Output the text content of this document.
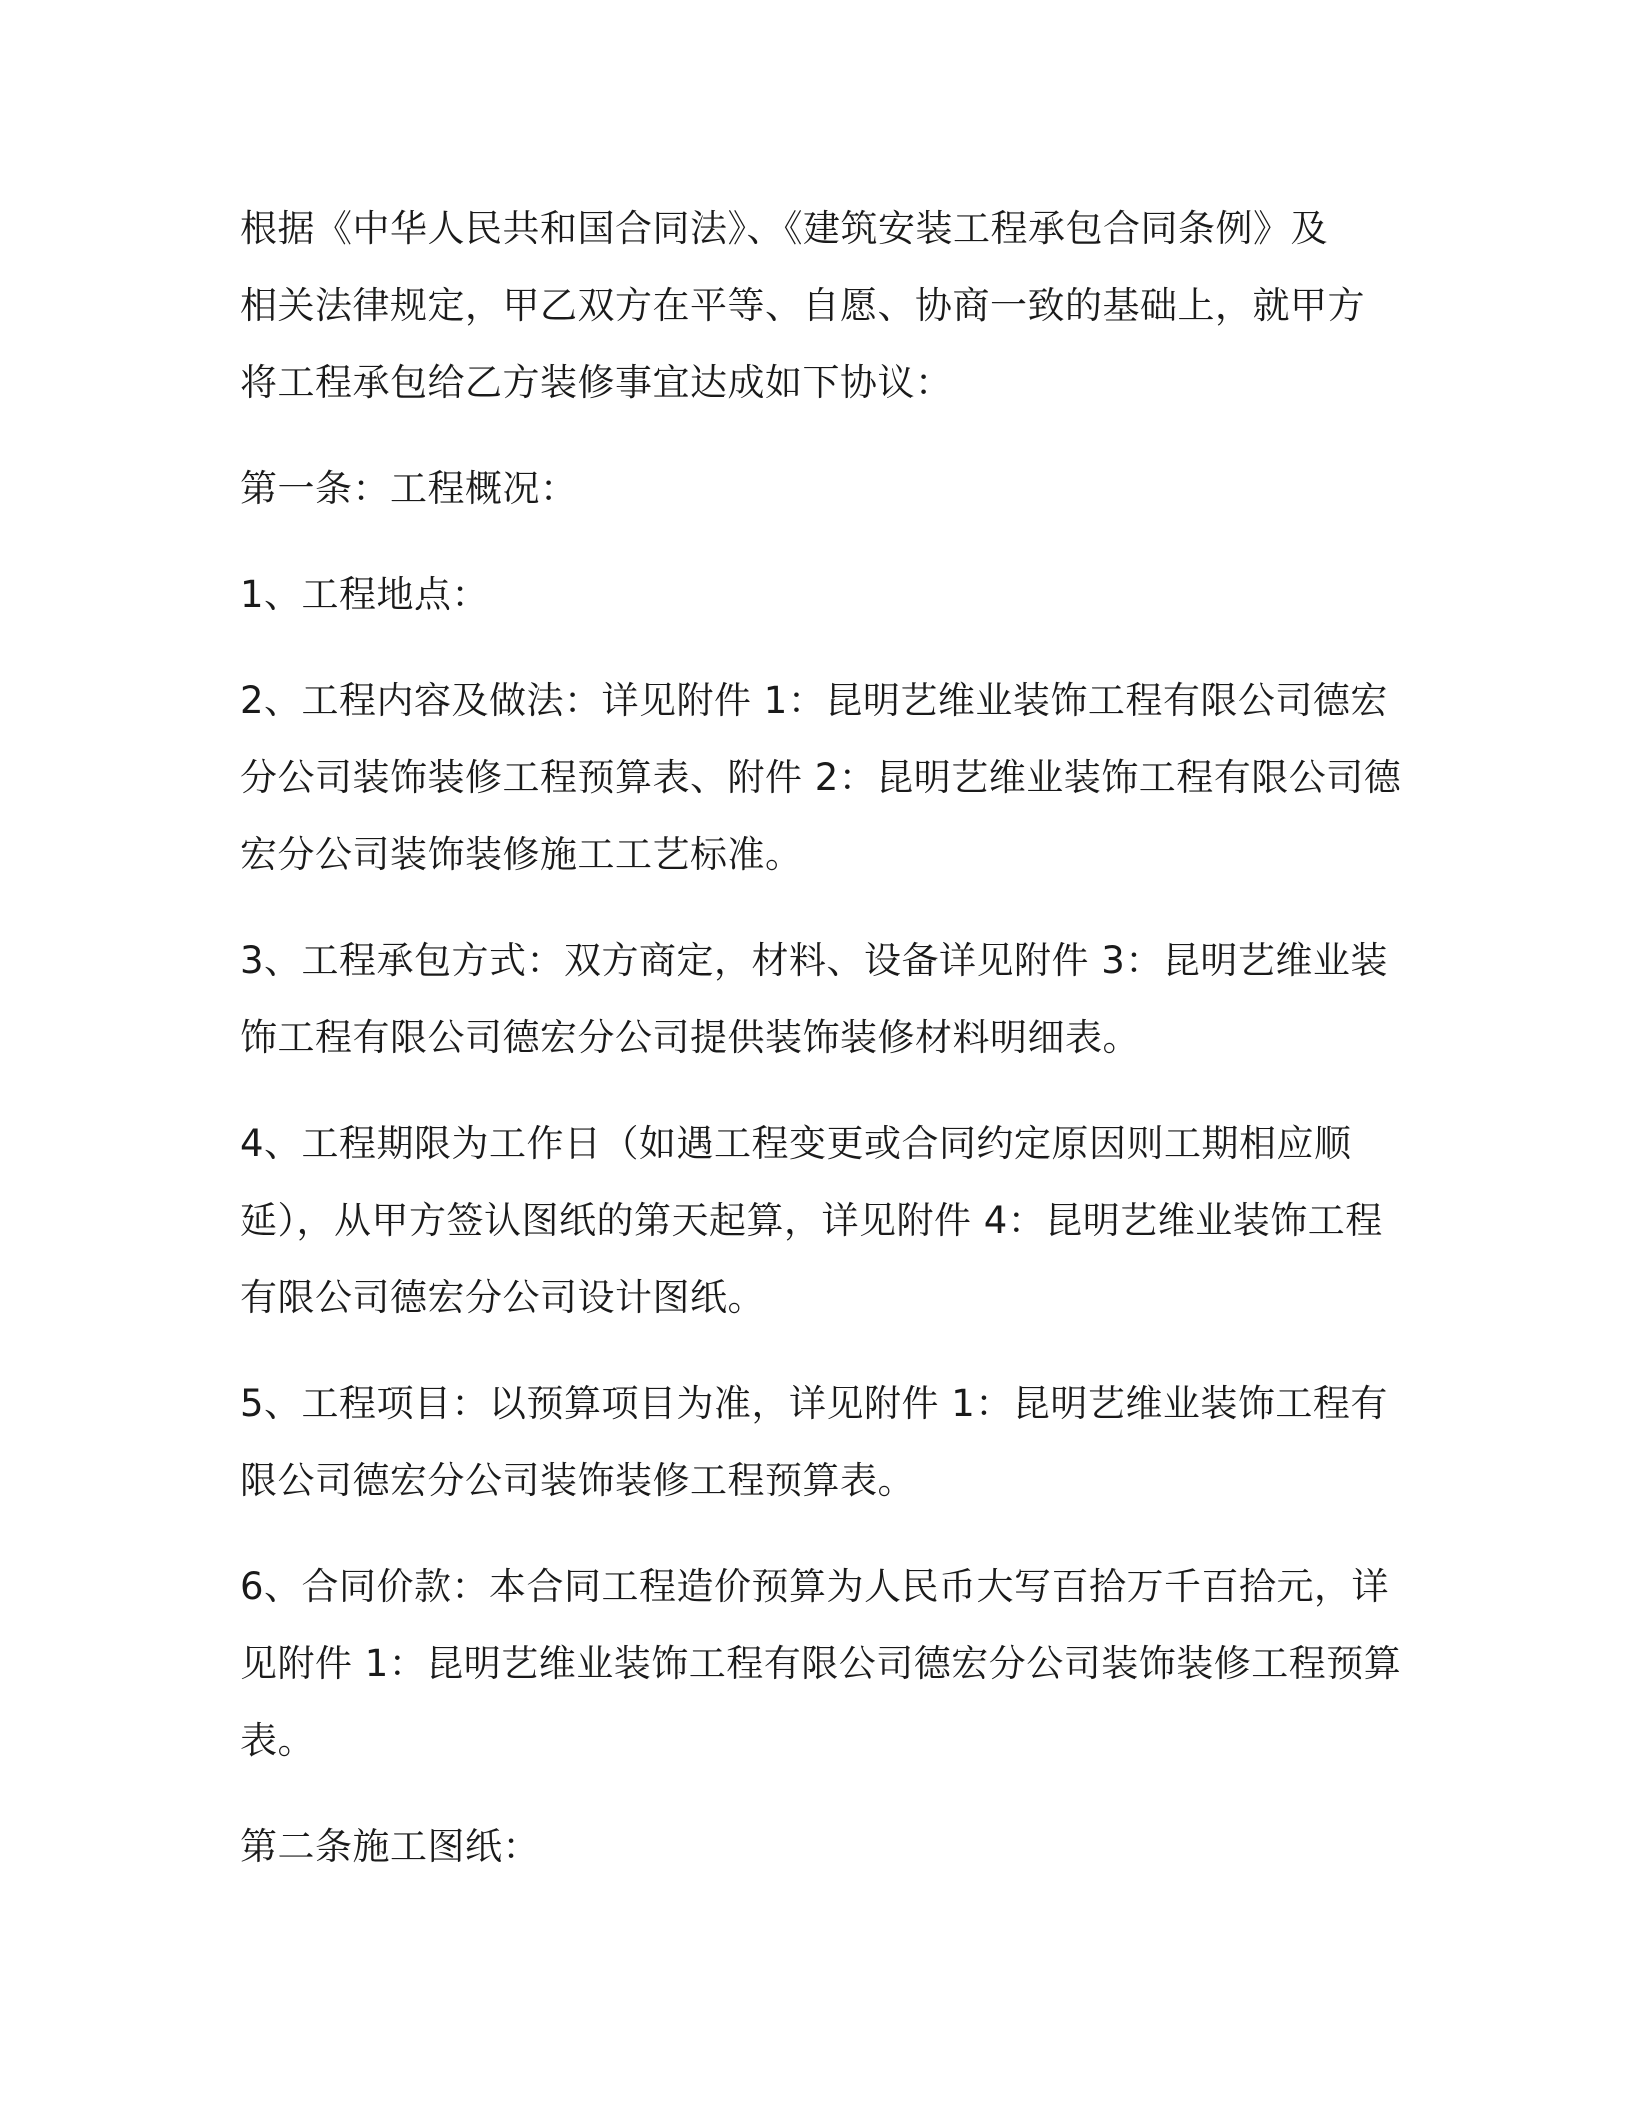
根据《中华人民共和国合同法》、《建筑安装工程承包合同条例》及
相关法律规定，甲乙双方在平等、自愿、协商一致的基础上，就甲方
将工程承包给乙方装修事宜达成如下协议：

第一条：工程概况：

1、工程地点：

2、工程内容及做法：详见附件 1：昆明艺维业装饰工程有限公司德宏
分公司装饰装修工程预算表、附件 2：昆明艺维业装饰工程有限公司德
宏分公司装饰装修施工工艺标准。

3、工程承包方式：双方商定，材料、设备详见附件 3：昆明艺维业装
饰工程有限公司德宏分公司提供装饰装修材料明细表。

4、工程期限为工作日（如遇工程变更或合同约定原因则工期相应顺
延），从甲方签认图纸的第天起算，详见附件 4：昆明艺维业装饰工程
有限公司德宏分公司设计图纸。

5、工程项目：以预算项目为准，详见附件 1：昆明艺维业装饰工程有
限公司德宏分公司装饰装修工程预算表。

6、合同价款：本合同工程造价预算为人民币大写百拾万千百拾元，详
见附件 1：昆明艺维业装饰工程有限公司德宏分公司装饰装修工程预算
表。

第二条施工图纸：
